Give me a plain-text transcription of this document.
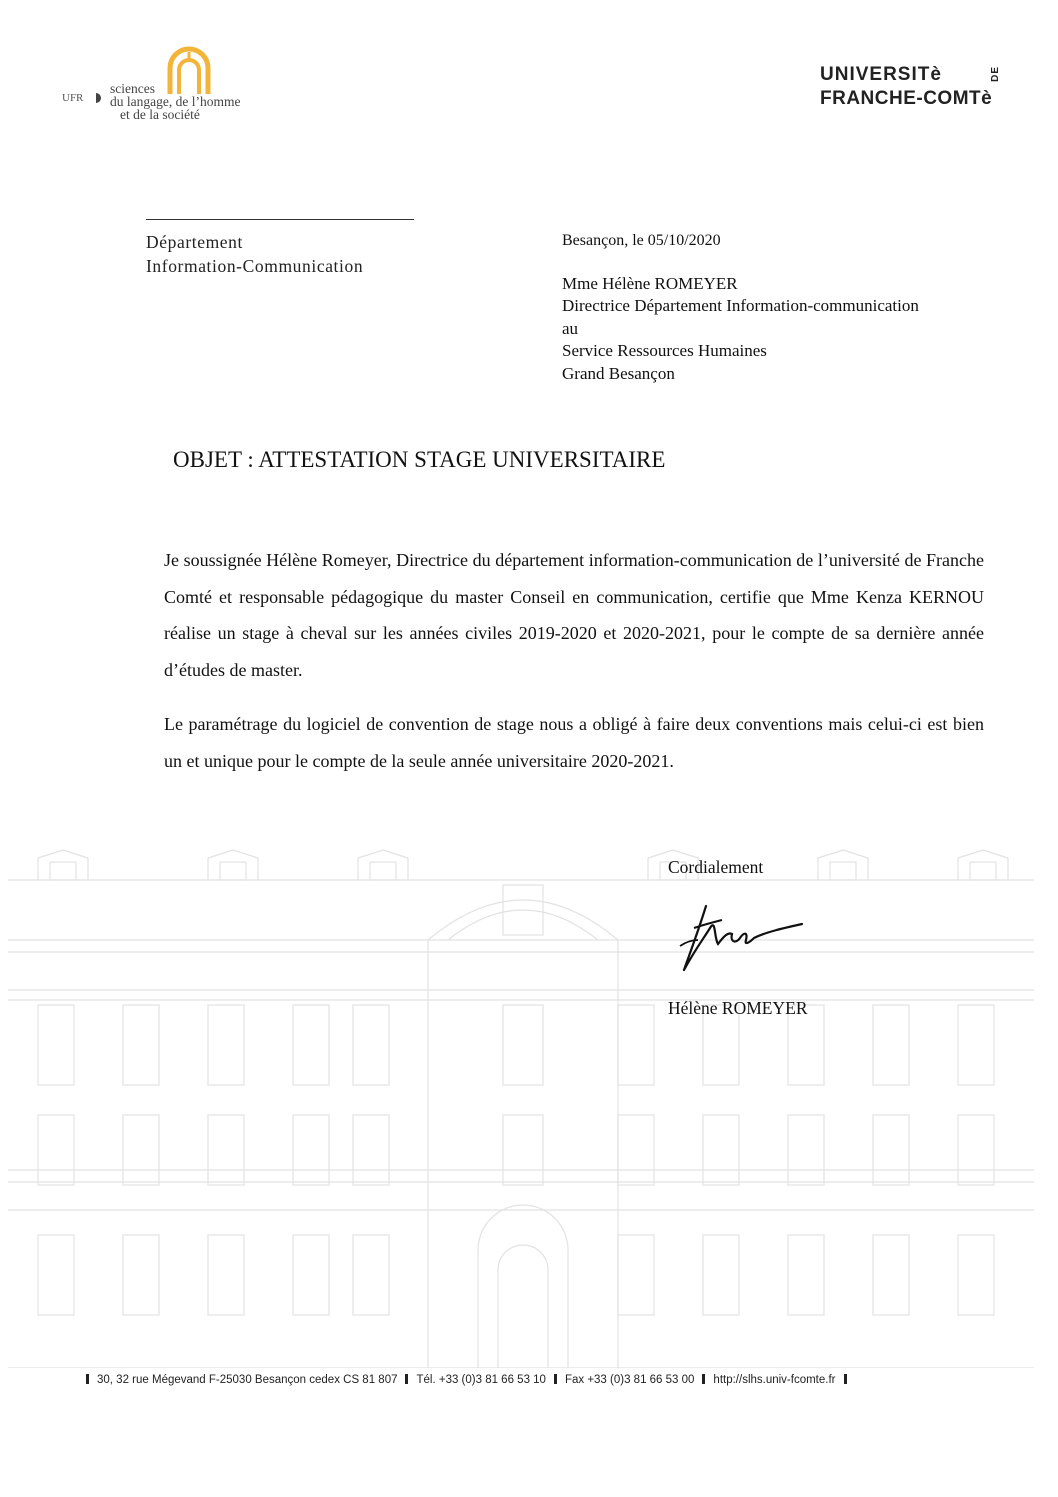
UFR
sciences
du langage, de l’homme
et de la société
UNIVERSITè
FRANCHE-COMTè
DE
Département
Information-Communication
Besançon, le 05/10/2020
Mme Hélène ROMEYER
Directrice Département Information-communication
au
Service Ressources Humaines
Grand Besançon
OBJET : ATTESTATION STAGE UNIVERSITAIRE

Je soussignée Hélène Romeyer, Directrice du département information-communication de l’université de Franche Comté et responsable pédagogique du master Conseil en communication, certifie que Mme Kenza KERNOU réalise un stage à cheval sur les années civiles 2019-2020 et 2020-2021, pour le compte de sa dernière année d’études de master.

Le paramétrage du logiciel de convention de stage nous a obligé à faire deux conventions mais celui-ci est bien un et unique pour le compte de la seule année universitaire 2020-2021.

Cordialement
Hélène ROMEYER
30, 32 rue Mégevand F-25030 Besançon cedex CS 81 807 Tél. +33 (0)3 81 66 53 10 Fax +33 (0)3 81 66 53 00 http://slhs.univ-fcomte.fr
